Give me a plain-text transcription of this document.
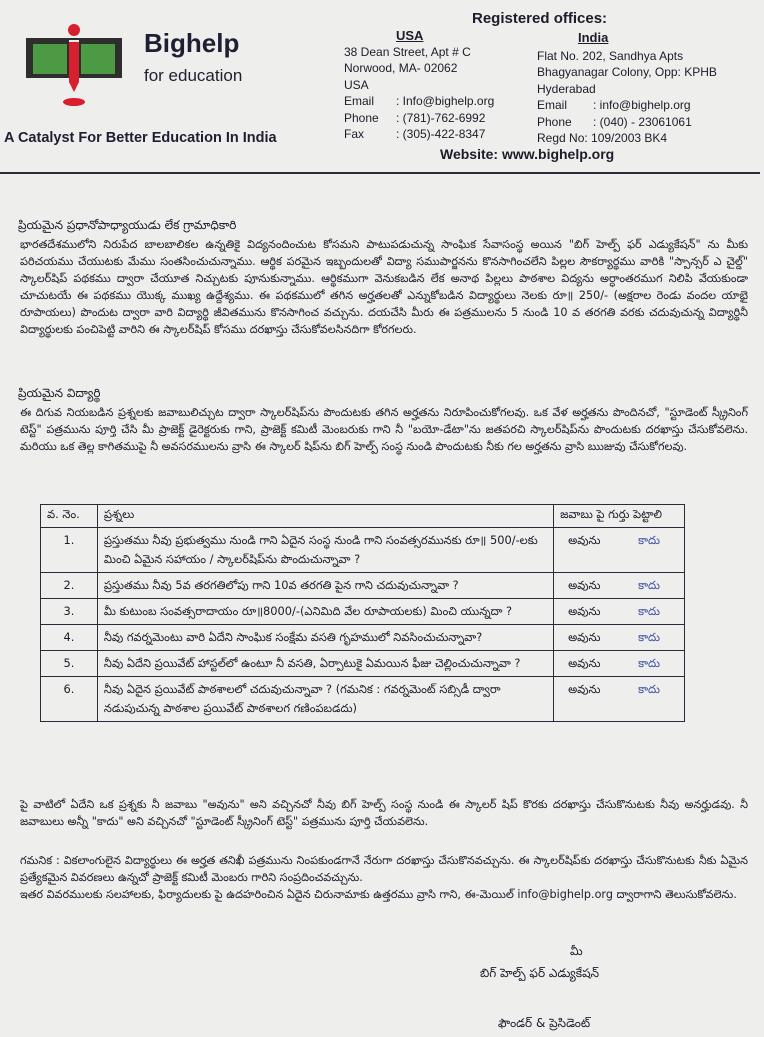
Bighelp
for education
A Catalyst For Better Education In India
Registered offices:
USA	India
38 Dean Street, Apt # C
Norwood, MA- 02062
USA
Email	: Info@bighelp.org
Phone	: (781)-762-6992
Fax	: (305)-422-8347
Flat No. 202, Sandhya Apts
Bhagyanagar Colony, Opp: KPHB
Hyderabad
Email	: info@bighelp.org
Phone	: (040) - 23061061
Regd No: 109/2003 BK4
Website: www.bighelp.org
ప్రియమైన ప్రధానోపాధ్యాయుడు లేక గ్రామాధికారి
భారతదేశములోని నిరుపేద బాలబాలికల ఉన్నతికై విద్యనందించుట కోసమని పాటుపడుచున్న సాంఘిక సేవాసంస్థ అయిన "బిగ్ హెల్ప్ ఫర్ ఎడ్యుకేషన్" ను మీకు పరిచయము చేయుటకు మేము సంతసించుచున్నాము. ఆర్థిక పరమైన ఇబ్బందులతో విద్యా సముపార్జనను కొనసాగించలేని పిల్లల సౌకర్యార్థము వారికి "స్పాన్సర్ ఎ చైల్డ్" స్కాలర్‌షిప్ పథకము ద్వారా చేయూత నిచ్చుటకు పూనుకున్నాము. ఆర్థికముగా వెనుకబడిన లేక అనాథ పిల్లలు పాఠశాల విద్యను అర్ధాంతరముగ నిలిపి వేయకుండా చూచుటయే ఈ పథకము యొక్క ముఖ్య ఉద్దేశ్యము. ఈ పథకములో తగిన అర్హతలతో ఎన్నుకోబడిన విద్యార్థులు నెలకు రూ॥ 250/- (అక్షరాల రెండు వందల యాభై రూపాయలు) పొందుట ద్వారా వారి విద్యార్థి జీవితమును కొనసాగించ వచ్చును. దయచేసి మీరు ఈ పత్రములను 5 నుండి 10 వ తరగతి వరకు చదువుచున్న విద్యార్థినీ విద్యార్థులకు పంచిపెట్టి వారిని ఈ స్కాలర్‌షిప్ కోసము దరఖాస్తు చేసుకోవలసినదిగా కోరగలరు.
ప్రియమైన విద్యార్థి
ఈ దిగువ నియబడిన ప్రశ్నలకు జవాబులిచ్చుట ద్వారా స్కాలర్‌షిప్‌ను పొందుటకు తగిన అర్హతను నిరూపించుకోగలవు. ఒక వేళ అర్హతను పొందినచో, "స్టూడెంట్ స్క్రీనింగ్ టెస్ట్" పత్రమును పూర్తి చేసి మీ ప్రాజెక్ట్ డైరెక్టరుకు గాని, ప్రాజెక్ట్ కమిటీ మెంబరుకు గాని నీ "బయో-డేటా"ను జతపరచి స్కాలర్‌షిప్‌ను పొందుటకు దరఖాస్తు చేసుకోవలెను. మరియు ఒక తెల్ల కాగితముపై నీ అవసరములను వ్రాసి ఈ స్కాలర్ షిప్‌ను బిగ్ హెల్ప్ సంస్థ నుండి పొందుటకు నీకు గల అర్హతను వ్రాసి ఋజువు చేసుకోగలవు.
వ. నెం.	ప్రశ్నలు	జవాబు పై గుర్తు పెట్టాలి
1.	ప్రస్తుతము నీవు ప్రభుత్వము నుండి గాని ఏదైన సంస్థ నుండి గాని సంవత్సరమునకు రూ॥ 500/-లకు మించి ఏమైన సహాయం / స్కాలర్‌షిప్‌ను పొందుచున్నావా ?	అవును కాదు

2.	ప్రస్తుతము నీవు 5వ తరగతిలోపు గాని 10వ తరగతి పైన గాని చదువుచున్నావా ?	అవును కాదు

3.	మీ కుటుంబ సంవత్సరాదాయం రూ॥8000/-(ఎనిమిది వేల రూపాయలకు) మించి యున్నదా ?	అవును కాదు

4.	నీవు గవర్నమెంటు వారి ఏదేని సాంఘిక సంక్షేమ వసతి గృహములో నివసించుచున్నావా?	అవును కాదు

5.	నీవు ఏదేని ప్రయివేట్ హాస్టల్‌లో ఉంటూ నీ వసతి, ఏర్పాటుకై ఏమయిన ఫీజు చెల్లించుచున్నావా ?	అవును కాదు

6.	నీవు ఏదైన ప్రయివేట్ పాఠశాలలో చదువుచున్నావా ? (గమనిక : గవర్నమెంట్ సబ్సిడీ ద్వారా నడుపుచున్న పాఠశాల ప్రయివేట్ పాఠశాలగ గణింపబడదు)	అవును కాదు
పై వాటిలో ఏదేని ఒక ప్రశ్నకు నీ జవాబు "అవును" అని వచ్చినచో నీవు బిగ్ హెల్ప్ సంస్థ నుండి ఈ స్కాలర్ షిప్ కొరకు దరఖాస్తు చేసుకొనుటకు నీవు అనర్హుడవు. నీ జవాబులు అన్నీ "కాదు" అని వచ్చినచో "స్టూడెంట్ స్క్రీనింగ్ టెస్ట్" పత్రమును పూర్తి చేయవలెను.
గమనిక : వికలాంగులైన విద్యార్థులు ఈ అర్హత తనిఖీ పత్రమును నింపకుండగానే నేరుగా దరఖాస్తు చేసుకొనవచ్చును. ఈ స్కాలర్‌షిప్‌కు దరఖాస్తు చేసుకొనుటకు నీకు ఏమైన ప్రత్యేకమైన వివరణలు ఉన్నచో ప్రాజెక్ట్ కమిటీ మెంబరు గారిని సంప్రదించవచ్చును.
ఇతర వివరములకు సలహాలకు, ఫిర్యాదులకు పై ఉదహరించిన ఏదైన చిరునామాకు ఉత్తరము వ్రాసి గాని, ఈ-మెయిల్ info@bighelp.org ద్వారాగాని తెలుసుకోవలెను.
మీ
బిగ్ హెల్ప్ ఫర్ ఎడ్యుకేషన్
ఫౌండర్ & ప్రెసిడెంట్
